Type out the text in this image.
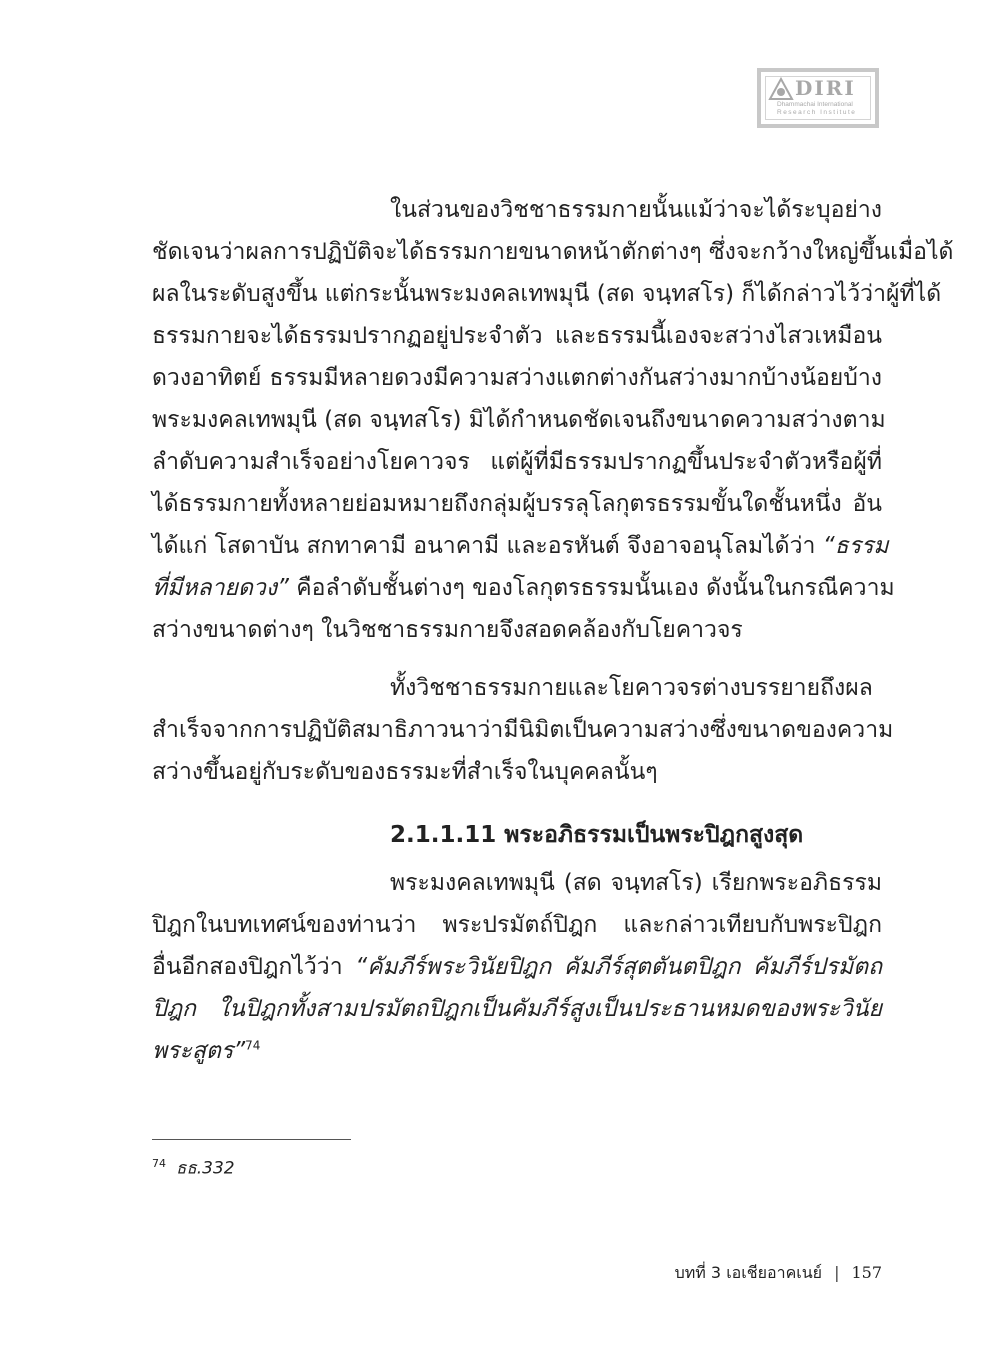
DIRI
Dhammachai International
Research Institute
ในส่วนของวิชชาธรรมกายนั้นแม้ว่าจะได้ระบุอย่าง
ชัดเจนว่าผลการปฏิบัติจะได้ธรรมกายขนาดหน้าตักต่างๆ ซึ่งจะกว้างใหญ่ขึ้นเมื่อได้
ผลในระดับสูงขึ้น แต่กระนั้นพระมงคลเทพมุนี (สด จนฺทสโร) ก็ได้กล่าวไว้ว่าผู้ที่ได้
ธรรมกายจะได้ธรรมปรากฏอยู่ประจำตัว และธรรมนี้เองจะสว่างไสวเหมือน
ดวงอาทิตย์ ธรรมมีหลายดวงมีความสว่างแตกต่างกันสว่างมากบ้างน้อยบ้าง
พระมงคลเทพมุนี (สด จนฺทสโร) มิได้กำหนดชัดเจนถึงขนาดความสว่างตาม
ลำดับความสำเร็จอย่างโยคาวจร แต่ผู้ที่มีธรรมปรากฏขึ้นประจำตัวหรือผู้ที่
ได้ธรรมกายทั้งหลายย่อมหมายถึงกลุ่มผู้บรรลุโลกุตรธรรมขั้นใดชั้นหนึ่ง อัน
ได้แก่ โสดาบัน สกทาคามี อนาคามี และอรหันต์ จึงอาจอนุโลมได้ว่า “ธรรม
ที่มีหลายดวง” คือลำดับชั้นต่างๆ ของโลกุตรธรรมนั้นเอง ดังนั้นในกรณีความ
สว่างขนาดต่างๆ ในวิชชาธรรมกายจึงสอดคล้องกับโยคาวจร
ทั้งวิชชาธรรมกายและโยคาวจรต่างบรรยายถึงผล
สำเร็จจากการปฏิบัติสมาธิภาวนาว่ามีนิมิตเป็นความสว่างซึ่งขนาดของความ
สว่างขึ้นอยู่กับระดับของธรรมะที่สำเร็จในบุคคลนั้นๆ
2.1.1.11 พระอภิธรรมเป็นพระปิฎกสูงสุด
พระมงคลเทพมุนี (สด จนฺทสโร) เรียกพระอภิธรรม
ปิฎกในบทเทศน์ของท่านว่า พระปรมัตถ์ปิฎก และกล่าวเทียบกับพระปิฎก
อื่นอีกสองปิฎกไว้ว่า “คัมภีร์พระวินัยปิฎก คัมภีร์สุตตันตปิฎก คัมภีร์ปรมัตถ
ปิฎก ในปิฎกทั้งสามปรมัตถปิฎกเป็นคัมภีร์สูงเป็นประธานหมดของพระวินัย
พระสูตร”$^{74}$
$^{74}$ ธธ.332
บทที่ 3 เอเชียอาคเนย์ | 157
